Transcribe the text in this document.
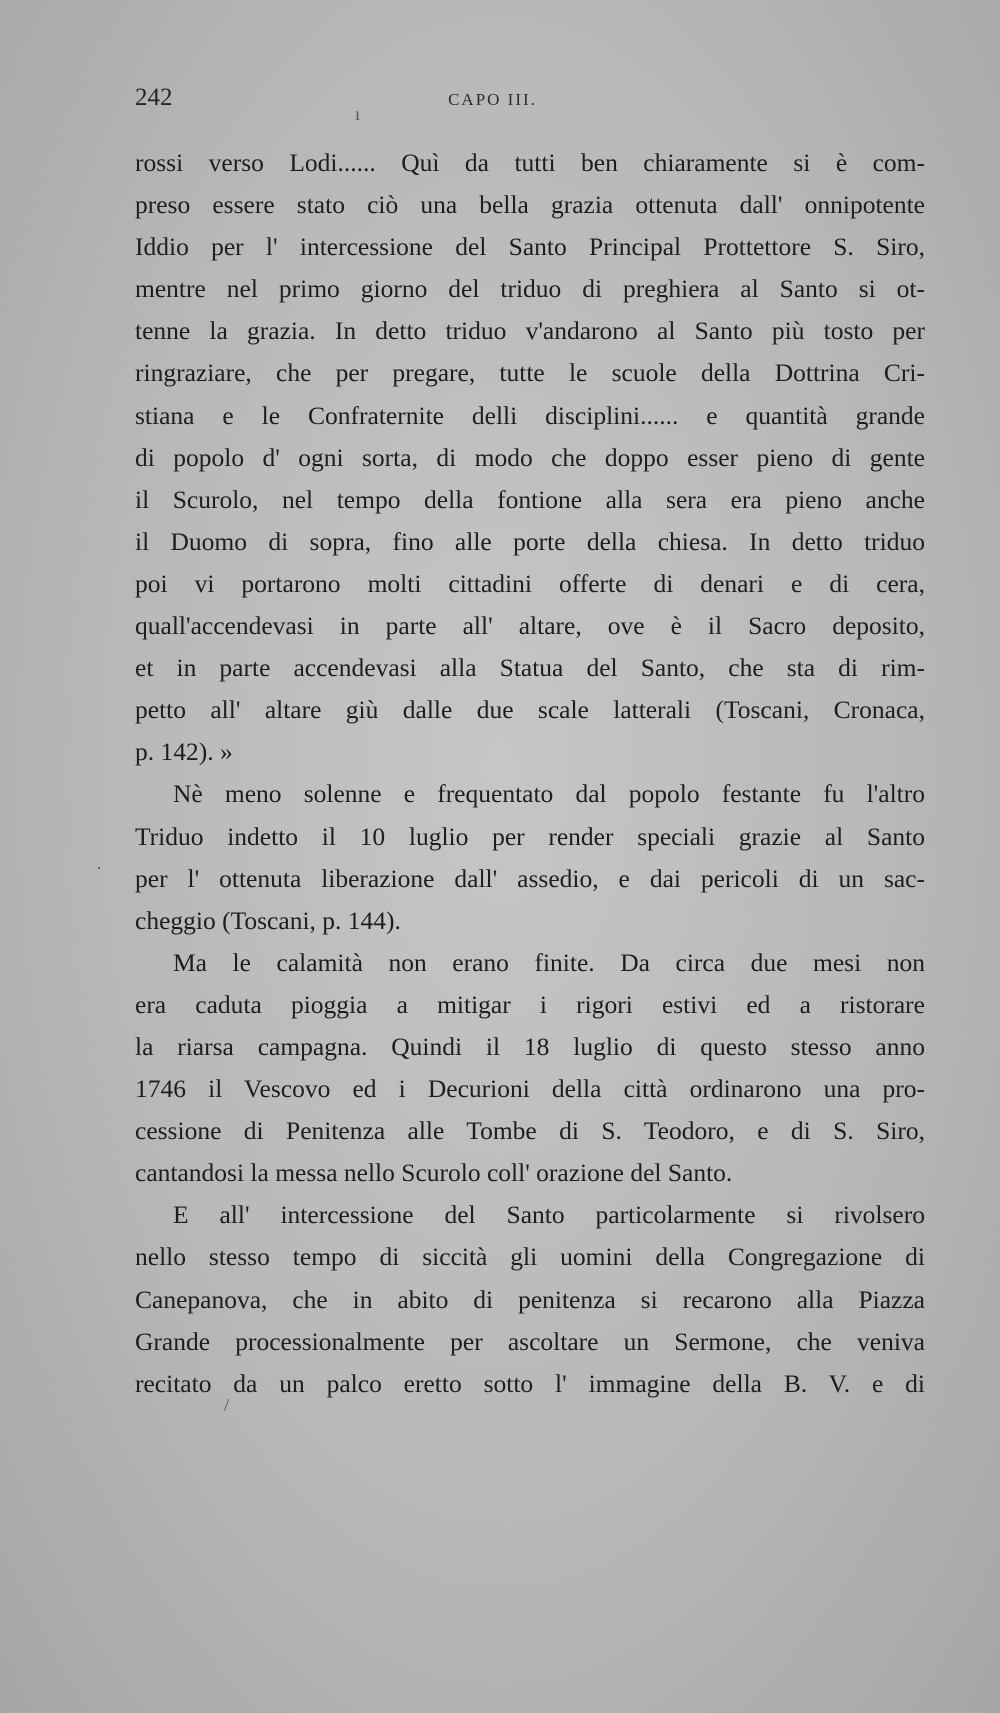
242	CAPO III.
rossi verso Lodi...... Quì da tutti ben chiaramente si è com-
preso essere stato ciò una bella grazia ottenuta dall' onnipotente
Iddio per l' intercessione del Santo Principal Prottettore S. Siro,
mentre nel primo giorno del triduo di preghiera al Santo si ot-
tenne la grazia. In detto triduo v'andarono al Santo più tosto per
ringraziare, che per pregare, tutte le scuole della Dottrina Cri-
stiana e le Confraternite delli disciplini...... e quantità grande
di popolo d' ogni sorta, di modo che doppo esser pieno di gente
il Scurolo, nel tempo della fontione alla sera era pieno anche
il Duomo di sopra, fino alle porte della chiesa. In detto triduo
poi vi portarono molti cittadini offerte di denari e di cera,
quall'accendevasi in parte all' altare, ove è il Sacro deposito,
et in parte accendevasi alla Statua del Santo, che sta di rim-
petto all' altare giù dalle due scale latterali (Toscani, Cronaca,
p. 142). »
Nè meno solenne e frequentato dal popolo festante fu l'altro
Triduo indetto il 10 luglio per render speciali grazie al Santo
per l' ottenuta liberazione dall' assedio, e dai pericoli di un sac-
cheggio (Toscani, p. 144).
Ma le calamità non erano finite. Da circa due mesi non
era caduta pioggia a mitigar i rigori estivi ed a ristorare
la riarsa campagna. Quindi il 18 luglio di questo stesso anno
1746 il Vescovo ed i Decurioni della città ordinarono una pro-
cessione di Penitenza alle Tombe di S. Teodoro, e di S. Siro,
cantandosi la messa nello Scurolo coll' orazione del Santo.
E all' intercessione del Santo particolarmente si rivolsero
nello stesso tempo di siccità gli uomini della Congregazione di
Canepanova, che in abito di penitenza si recarono alla Piazza
Grande processionalmente per ascoltare un Sermone, che veniva
recitato da un palco eretto sotto l' immagine della B. V. e di
ı
·
/
